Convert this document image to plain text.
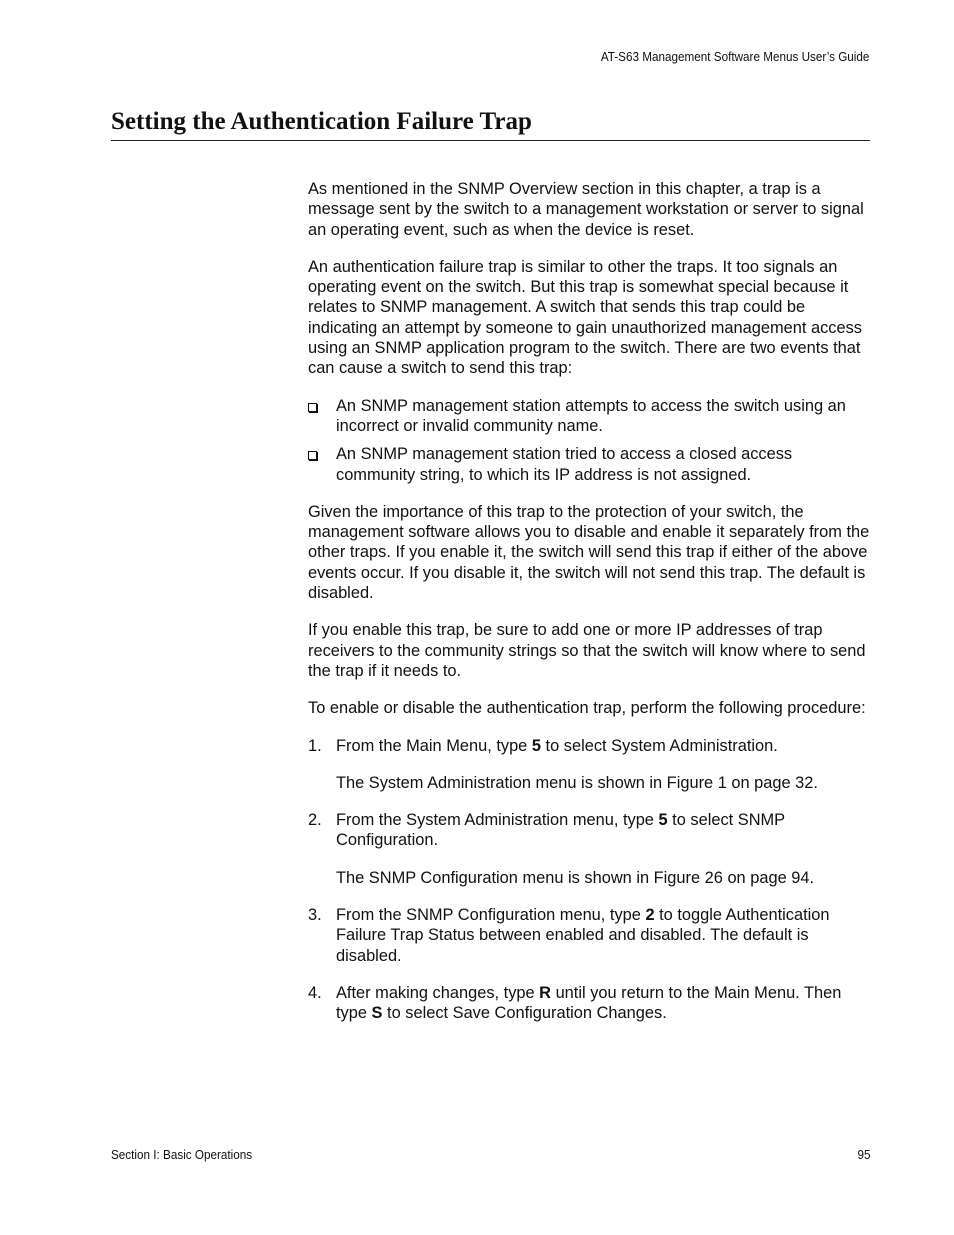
AT-S63 Management Software Menus User’s Guide
Setting the Authentication Failure Trap

As mentioned in the SNMP Overview section in this chapter, a trap is a message sent by the switch to a management workstation or server to signal an operating event, such as when the device is reset.

An authentication failure trap is similar to other the traps. It too signals an operating event on the switch. But this trap is somewhat special because it relates to SNMP management. A switch that sends this trap could be indicating an attempt by someone to gain unauthorized management access using an SNMP application program to the switch. There are two events that can cause a switch to send this trap:

An SNMP management station attempts to access the switch using an incorrect or invalid community name.
An SNMP management station tried to access a closed access community string, to which its IP address is not assigned.

Given the importance of this trap to the protection of your switch, the management software allows you to disable and enable it separately from the other traps. If you enable it, the switch will send this trap if either of the above events occur. If you disable it, the switch will not send this trap. The default is disabled.

If you enable this trap, be sure to add one or more IP addresses of trap receivers to the community strings so that the switch will know where to send the trap if it needs to.

To enable or disable the authentication trap, perform the following procedure:

1. From the Main Menu, type 5 to select System Administration.
The System Administration menu is shown in Figure 1 on page 32.
2. From the System Administration menu, type 5 to select SNMP Configuration.
The SNMP Configuration menu is shown in Figure 26 on page 94.
3. From the SNMP Configuration menu, type 2 to toggle Authentication Failure Trap Status between enabled and disabled. The default is disabled.
4. After making changes, type R until you return to the Main Menu. Then type S to select Save Configuration Changes.
Section I: Basic Operations	95
